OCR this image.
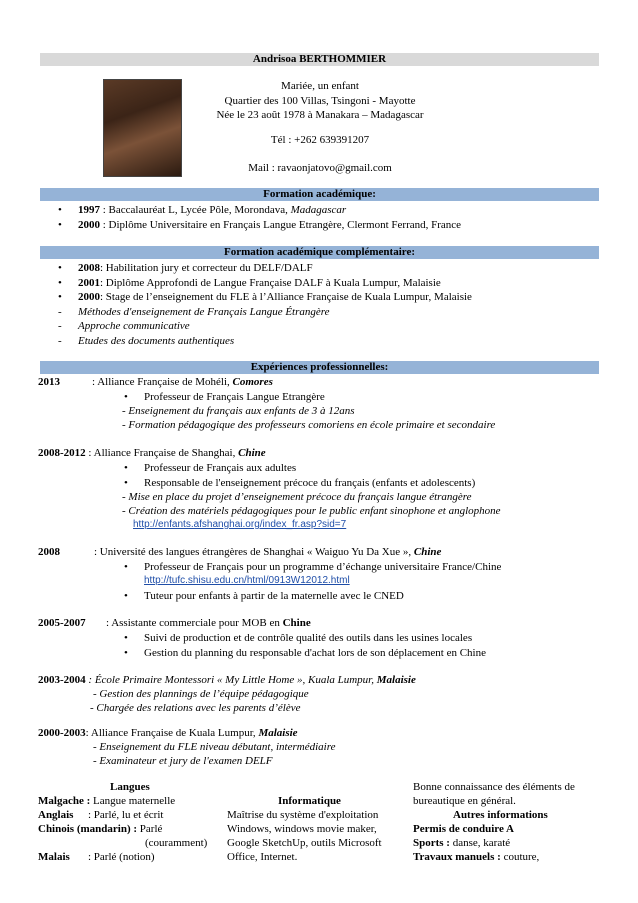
Andrisoa BERTHOMMIER
Mariée, un enfant
Quartier des 100 Villas, Tsingoni - Mayotte
Née le 23 août 1978 à Manakara – Madagascar
Tél : +262 639391207
Mail : ravaonjatovo@gmail.com
Formation académique:
• 1997 : Baccalauréat L, Lycée Pôle, Morondava, Madagascar
• 2000 : Diplôme Universitaire en Français Langue Etrangère, Clermont Ferrand, France
Formation académique complémentaire:
• 2008: Habilitation jury et correcteur du DELF/DALF
• 2001: Diplôme Approfondi de Langue Française DALF à Kuala Lumpur, Malaisie
• 2000: Stage de l’enseignement du FLE à l’Alliance Française de Kuala Lumpur, Malaisie
- Méthodes d'enseignement de Français Langue Étrangère
- Approche communicative
- Etudes des documents authentiques
Expériences professionnelles:
2013	: Alliance Française de Mohéli, Comores
• Professeur de Français Langue Etrangère
- Enseignement du français aux enfants de 3 à 12ans
- Formation pédagogique des professeurs comoriens en école primaire et secondaire
2008-2012 : Alliance Française de Shanghai, Chine
• Professeur de Français aux adultes
• Responsable de l'enseignement précoce du français (enfants et adolescents)
- Mise en place du projet d’enseignement précoce du français langue étrangère
- Création des matériels pédagogiques pour le public enfant sinophone et anglophone
http://enfants.afshanghai.org/index_fr.asp?sid=7
2008	: Université des langues étrangères de Shanghai « Waiguo Yu Da Xue », Chine
• Professeur de Français pour un programme d’échange universitaire France/Chine
http://tufc.shisu.edu.cn/html/0913W12012.html
• Tuteur pour enfants à partir de la maternelle avec le CNED
2005-2007 : Assistante commerciale pour MOB en Chine
• Suivi de production et de contrôle qualité des outils dans les usines locales
• Gestion du planning du responsable d'achat lors de son déplacement en Chine
2003-2004 : École Primaire Montessori « My Little Home », Kuala Lumpur, Malaisie
- Gestion des plannings de l’équipe pédagogique
- Chargée des relations avec les parents d’élève
2000-2003: Alliance Française de Kuala Lumpur, Malaisie
- Enseignement du FLE niveau débutant, intermédiaire
- Examinateur et jury de l'examen DELF
Langues
Malgache : Langue maternelle
Anglais : Parlé, lu et écrit
Chinois (mandarin) : Parlé
(couramment)
Malais : Parlé (notion)
Informatique
Maîtrise du système d'exploitation
Windows, windows movie maker,
Google SketchUp, outils Microsoft
Office, Internet.
Bonne connaissance des éléments de
bureautique en général.
Autres informations
Permis de conduire A
Sports : danse, karaté
Travaux manuels : couture,
